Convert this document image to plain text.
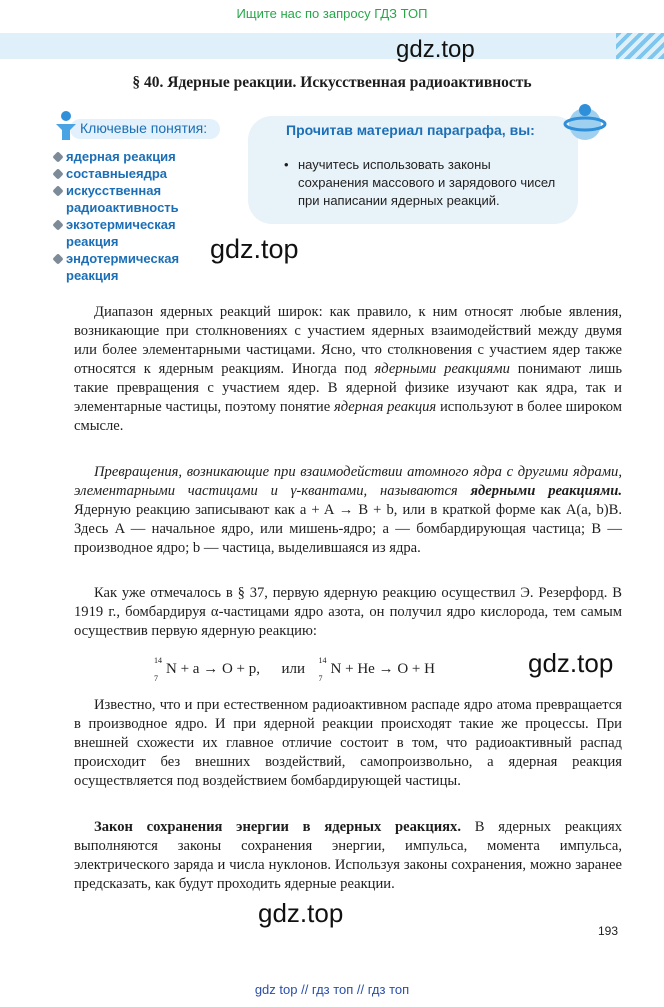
Ищите нас по запросу ГДЗ ТОП
gdz.top
§ 40. Ядерные реакции. Искусственная радиоактивность
Ключевые понятия:
ядерная реакция
составныеядра
искусственная радиоактивность
экзотермическая реакция
эндотермическая реакция
Прочитав материал параграфа, вы:
• научитесь использовать законы сохранения массового и зарядового чисел при написании ядерных реакций.
gdz.top

Диапазон ядерных реакций широк: как правило, к ним относят любые явления, возникающие при столкновениях с участием ядерных взаимодействий между двумя или более элементарными частицами. Ясно, что столкновения с участием ядер также относятся к ядерным реакциям. Иногда под ядерными реакциями понимают лишь такие превращения с участием ядер. В ядерной физике изучают как ядра, так и элементарные частицы, поэтому понятие ядерная реакция используют в более широком смысле.

Превращения, возникающие при взаимодействии атомного ядра с другими ядрами, элементарными частицами и γ-квантами, называются ядерными реакциями. Ядерную реакцию записывают как a + A → B + b, или в краткой форме как A(a, b)B. Здесь A — начальное ядро, или мишень-ядро; a — бомбардирующая частица; B — производное ядро; b — частица, выделившаяся из ядра.

Как уже отмечалось в § 37, первую ядерную реакцию осуществил Э. Резерфорд. В 1919 г., бомбардируя α-частицами ядро азота, он получил ядро кислорода, тем самым осуществив первую ядерную реакцию:

$^{14}_7$N + a → O + p, или  $^{14}_7$N + He → O + H	gdz.top

Известно, что и при естественном радиоактивном распаде ядро атома превращается в производное ядро. И при ядерной реакции происходят такие же процессы. При внешней схожести их главное отличие состоит в том, что радиоактивный распад происходит без внешних воздействий, самопроизвольно, а ядерная реакция осуществляется под воздействием бомбардирующей частицы.

Закон сохранения энергии в ядерных реакциях. В ядерных реакциях выполняются законы сохранения энергии, импульса, момента импульса, электрического заряда и числа нуклонов. Используя законы сохранения, можно заранее предсказать, как будут проходить ядерные реакции.

gdz.top
193
gdz top // гдз топ // гдз топ
